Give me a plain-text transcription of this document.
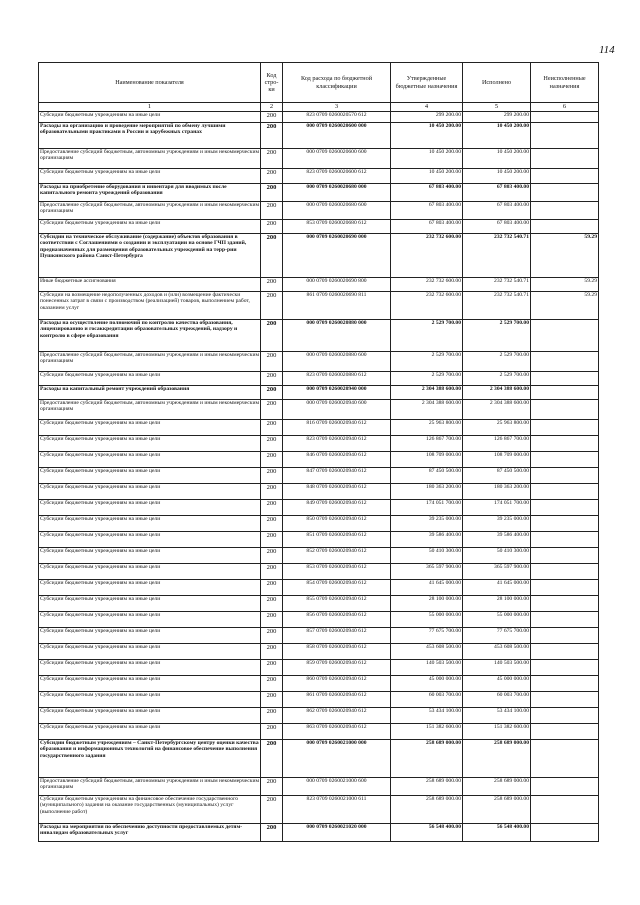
114
Наименование показателя	Код стро-ки	Код расхода по бюджетной классификации	Утвержденные бюджетные назначения	Исполнено	Неисполненные назначения
1	2	3	4	5	6
Субсидии бюджетным учреждениям на иные цели	200	823 0709 0260020570 612	299 200.00	299 200.00	
Расходы на организацию и проведение мероприятий по обмену лучшими образовательными практиками в России и зарубежных странах	200	000 0709 0260020600 000	10 450 200.00	10 450 200.00	
Предоставление субсидий бюджетным, автономным учреждениям и иным некоммерческим организациям	200	000 0709 0260020600 600	10 450 200.00	10 450 200.00	
Субсидии бюджетным учреждениям на иные цели	200	823 0709 0260020600 612	10 450 200.00	10 450 200.00	
Расходы на приобретение оборудования и инвентаря для вводимых после капитального ремонта учреждений образования	200	000 0709 0260020680 000	67 803 400.00	67 803 400.00	
Предоставление субсидий бюджетным, автономным учреждениям и иным некоммерческим организациям	200	000 0709 0260020680 600	67 803 400.00	67 803 400.00	
Субсидии бюджетным учреждениям на иные цели	200	853 0709 0260020680 612	67 803 400.00	67 803 400.00	
Субсидии на техническое обслуживание (содержание) объектов образования в соответствии с Соглашениями о создании и эксплуатации на основе ГЧП зданий, предназначенных для размещения образовательных учреждений на терр-рии Пушкинского района Санкт-Петербурга	200	000 0709 0260020690 000	232 732 600.00	232 732 540.71	59.29
Иные бюджетные ассигнования	200	000 0709 0260020690 800	232 732 600.00	232 732 540.71	59.29
Субсидии на возмещение недополученных доходов и (или) возмещение фактически понесенных затрат в связи с производством (реализацией) товаров, выполнением работ, оказанием услуг	200	861 0709 0260020690 811	232 732 600.00	232 732 540.71	59.29
Расходы на осуществление полномочий по контролю качества образования, лицензированию и госаккредитации образовательных учреждений, надзору и контролю в сфере образования	200	000 0709 0260020880 000	2 529 700.00	2 529 700.00	
Предоставление субсидий бюджетным, автономным учреждениям и иным некоммерческим организациям	200	000 0709 0260020880 600	2 529 700.00	2 529 700.00	
Субсидии бюджетным учреждениям на иные цели	200	823 0709 0260020880 612	2 529 700.00	2 529 700.00	
Расходы на капитальный ремонт учреждений образования	200	000 0709 0260020940 000	2 304 388 600.00	2 304 388 600.00	
Предоставление субсидий бюджетным, автономным учреждениям и иным некоммерческим организациям	200	000 0709 0260020940 600	2 304 388 600.00	2 304 388 600.00	
Субсидии бюджетным учреждениям на иные цели	200	816 0709 0260020940 612	25 963 800.00	25 963 800.00	
Субсидии бюджетным учреждениям на иные цели	200	823 0709 0260020940 612	126 867 700.00	126 867 700.00	
Субсидии бюджетным учреждениям на иные цели	200	846 0709 0260020940 612	108 709 000.00	108 709 000.00	
Субсидии бюджетным учреждениям на иные цели	200	847 0709 0260020940 612	87 450 500.00	87 450 500.00	
Субсидии бюджетным учреждениям на иные цели	200	848 0709 0260020940 612	180 363 200.00	180 363 200.00	
Субсидии бюджетным учреждениям на иные цели	200	849 0709 0260020940 612	174 051 700.00	174 051 700.00	
Субсидии бюджетным учреждениям на иные цели	200	850 0709 0260020940 612	39 235 000.00	39 235 000.00	
Субсидии бюджетным учреждениям на иные цели	200	851 0709 0260020940 612	39 586 400.00	39 586 400.00	
Субсидии бюджетным учреждениям на иные цели	200	852 0709 0260020940 612	50 410 300.00	50 410 300.00	
Субсидии бюджетным учреждениям на иные цели	200	853 0709 0260020940 612	365 597 900.00	365 597 900.00	
Субсидии бюджетным учреждениям на иные цели	200	854 0709 0260020940 612	41 645 000.00	41 645 000.00	
Субсидии бюджетным учреждениям на иные цели	200	855 0709 0260020940 612	28 100 000.00	28 100 000.00	
Субсидии бюджетным учреждениям на иные цели	200	856 0709 0260020940 612	55 000 000.00	55 000 000.00	
Субсидии бюджетным учреждениям на иные цели	200	857 0709 0260020940 612	77 675 700.00	77 675 700.00	
Субсидии бюджетным учреждениям на иные цели	200	858 0709 0260020940 612	453 608 500.00	453 608 500.00	
Субсидии бюджетным учреждениям на иные цели	200	859 0709 0260020940 612	140 503 500.00	140 503 500.00	
Субсидии бюджетным учреждениям на иные цели	200	860 0709 0260020940 612	45 000 000.00	45 000 000.00	
Субсидии бюджетным учреждениям на иные цели	200	861 0709 0260020940 612	60 003 700.00	60 003 700.00	
Субсидии бюджетным учреждениям на иные цели	200	862 0709 0260020940 612	53 434 100.00	53 434 100.00	
Субсидии бюджетным учреждениям на иные цели	200	863 0709 0260020940 612	151 382 600.00	151 382 600.00	
Субсидии бюджетным учреждениям – Санкт-Петербургскому центру оценки качества образования и информационных технологий на финансовое обеспечение выполнения государственного задания	200	000 0709 0260021000 000	258 689 000.00	258 689 000.00	
Предоставление субсидий бюджетным, автономным учреждениям и иным некоммерческим организациям	200	000 0709 0260021000 600	258 689 000.00	258 689 000.00	
Субсидии бюджетным учреждениям на финансовое обеспечение государственного (муниципального) задания на оказание государственных (муниципальных) услуг (выполнение работ)	200	823 0709 0260021000 611	258 689 000.00	258 689 000.00	
Расходы на мероприятия по обеспечению доступности предоставляемых детям-инвалидам образовательных услуг	200	000 0709 0260021020 000	56 548 400.00	56 548 400.00	
